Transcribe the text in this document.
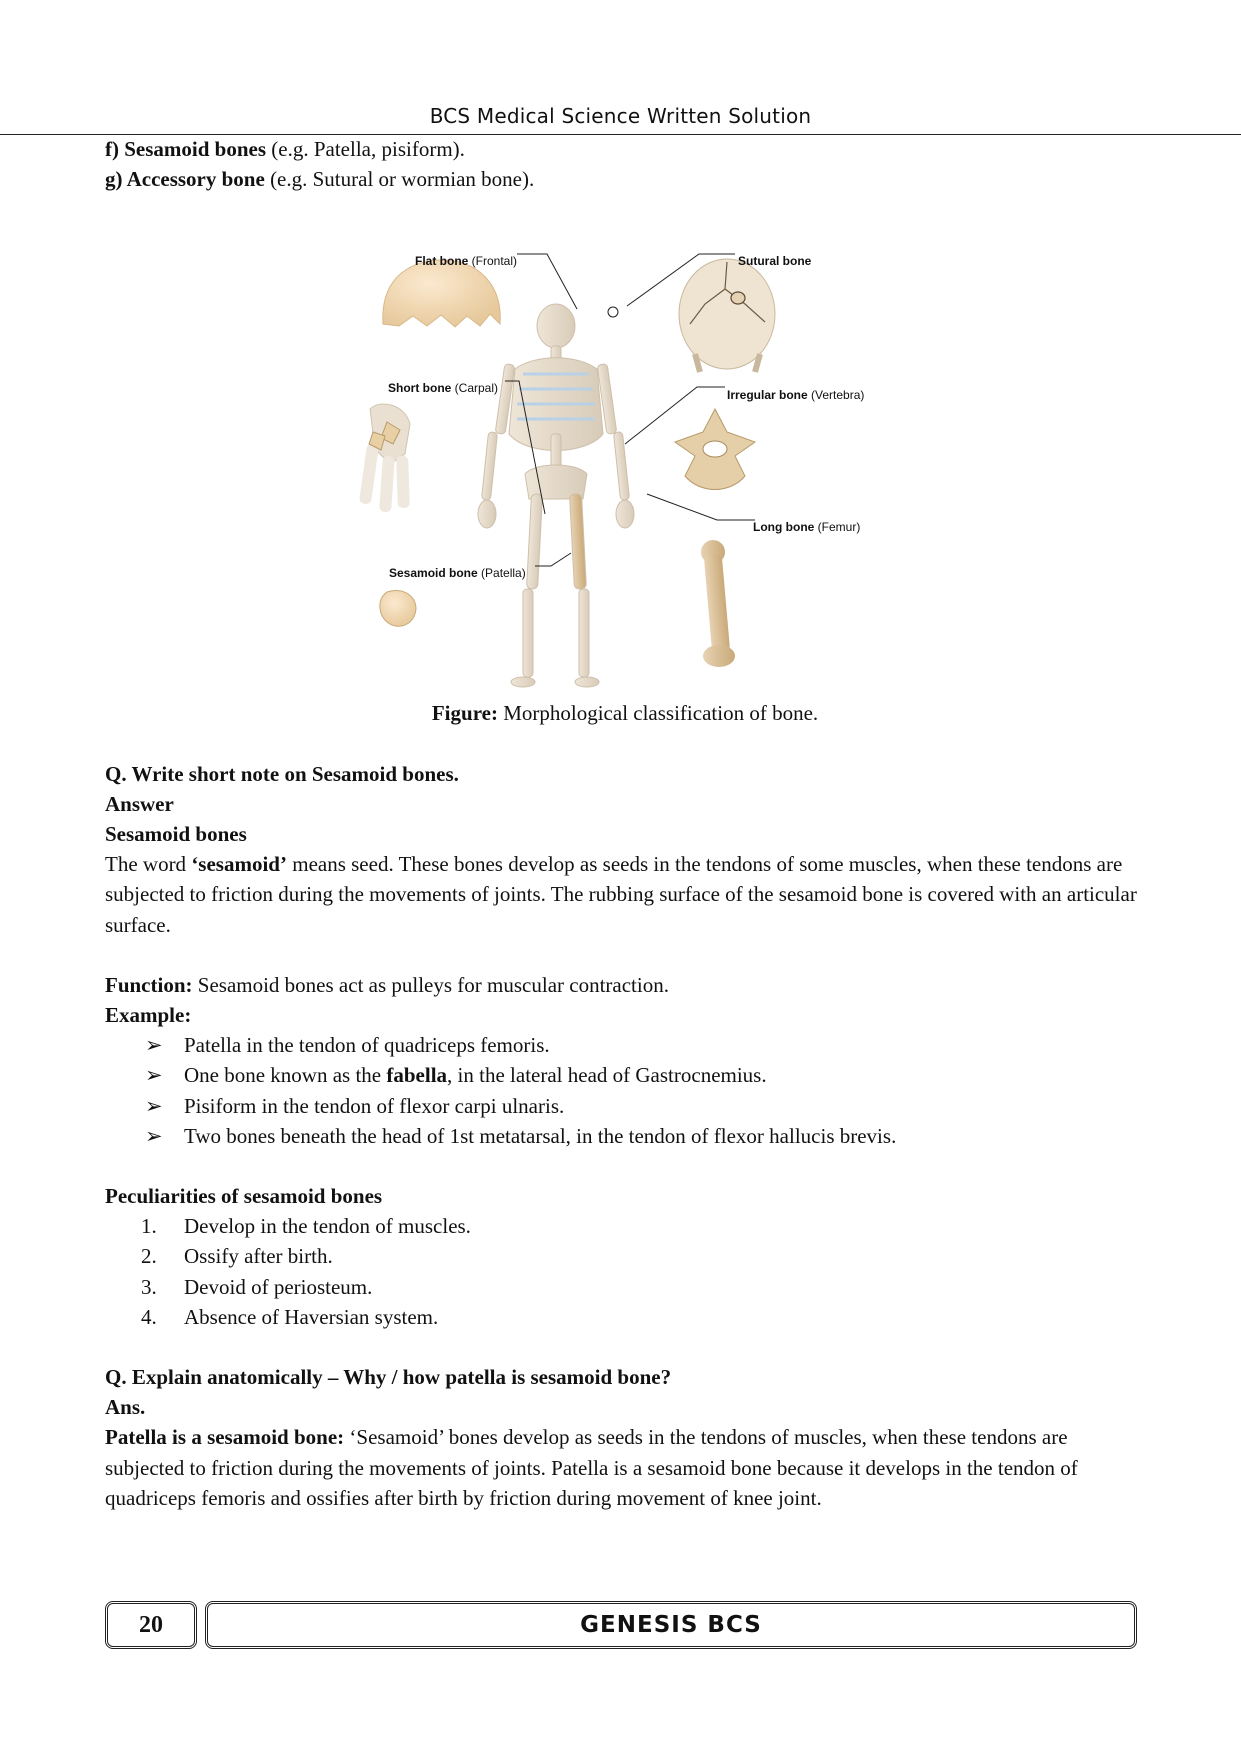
BCS Medical Science Written Solution

f) Sesamoid bones (e.g. Patella, pisiform).

g) Accessory bone (e.g. Sutural or wormian bone).

Flat bone (Frontal)	Sutural bone
Short bone (Carpal)	Irregular bone (Vertebra)
Long bone (Femur)
Sesamoid bone (Patella)

Figure: Morphological classification of bone.

Q. Write short note on Sesamoid bones.

Answer

Sesamoid bones

The word ‘sesamoid’ means seed. These bones develop as seeds in the tendons of some muscles, when these tendons are subjected to friction during the movements of joints. The rubbing surface of the sesamoid bone is covered with an articular surface.

Function: Sesamoid bones act as pulleys for muscular contraction.

Example:

➢ Patella in the tendon of quadriceps femoris.
➢ One bone known as the fabella, in the lateral head of Gastrocnemius.
➢ Pisiform in the tendon of flexor carpi ulnaris.
➢ Two bones beneath the head of 1st metatarsal, in the tendon of flexor hallucis brevis.

Peculiarities of sesamoid bones

1. Develop in the tendon of muscles.
2. Ossify after birth.
3. Devoid of periosteum.
4. Absence of Haversian system.

Q. Explain anatomically – Why / how patella is sesamoid bone?

Ans.

Patella is a sesamoid bone: ‘Sesamoid’ bones develop as seeds in the tendons of muscles, when these tendons are subjected to friction during the movements of joints. Patella is a sesamoid bone because it develops in the tendon of quadriceps femoris and ossifies after birth by friction during movement of knee joint.

20	GENESIS BCS
